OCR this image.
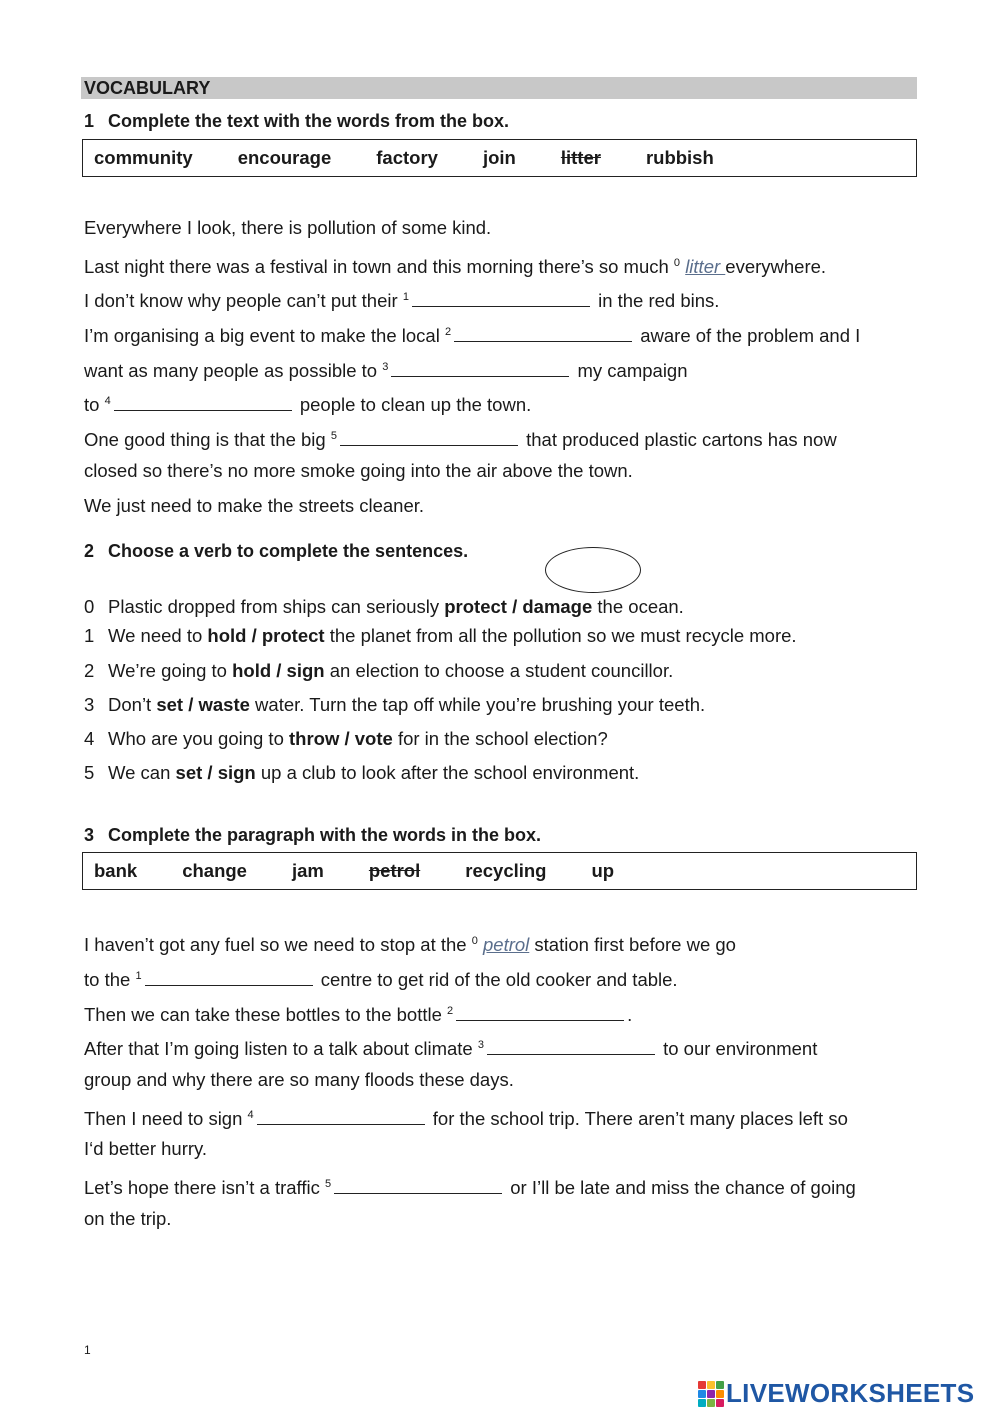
VOCABULARY
1 Complete the text with the words from the box.
community encourage factory join litter rubbish
Everywhere I look, there is pollution of some kind.
Last night there was a festival in town and this morning there’s so much $^0$ litter everywhere.
I don’t know why people can’t put their $^1$	in the red bins.
I’m organising a big event to make the local $^2$	aware of the problem and I
want as many people as possible to $^3$	my campaign
to $^4$	people to clean up the town.
One good thing is that the big $^5$	that produced plastic cartons has now
closed so there’s no more smoke going into the air above the town.
We just need to make the streets cleaner.
2 Choose a verb to complete the sentences.
0 Plastic dropped from ships can seriously protect / damage the ocean.
1 We need to hold / protect the planet from all the pollution so we must recycle more.
2 We’re going to hold / sign an election to choose a student councillor.
3 Don’t set / waste water. Turn the tap off while you’re brushing your teeth.
4 Who are you going to throw / vote for in the school election?
5 We can set / sign up a club to look after the school environment.
3 Complete the paragraph with the words in the box.
bank change jam petrol recycling up
I haven’t got any fuel so we need to stop at the $^0$ petrol station first before we go
to the $^1$	centre to get rid of the old cooker and table.
Then we can take these bottles to the bottle $^2$	.
After that I’m going listen to a talk about climate $^3$	to our environment
group and why there are so many floods these days.
Then I need to sign $^4$	for the school trip. There aren’t many places left so
I‘d better hurry.
Let’s hope there isn’t a traffic $^5$	or I’ll be late and miss the chance of going
on the trip.
1
LIVEWORKSHEETS
